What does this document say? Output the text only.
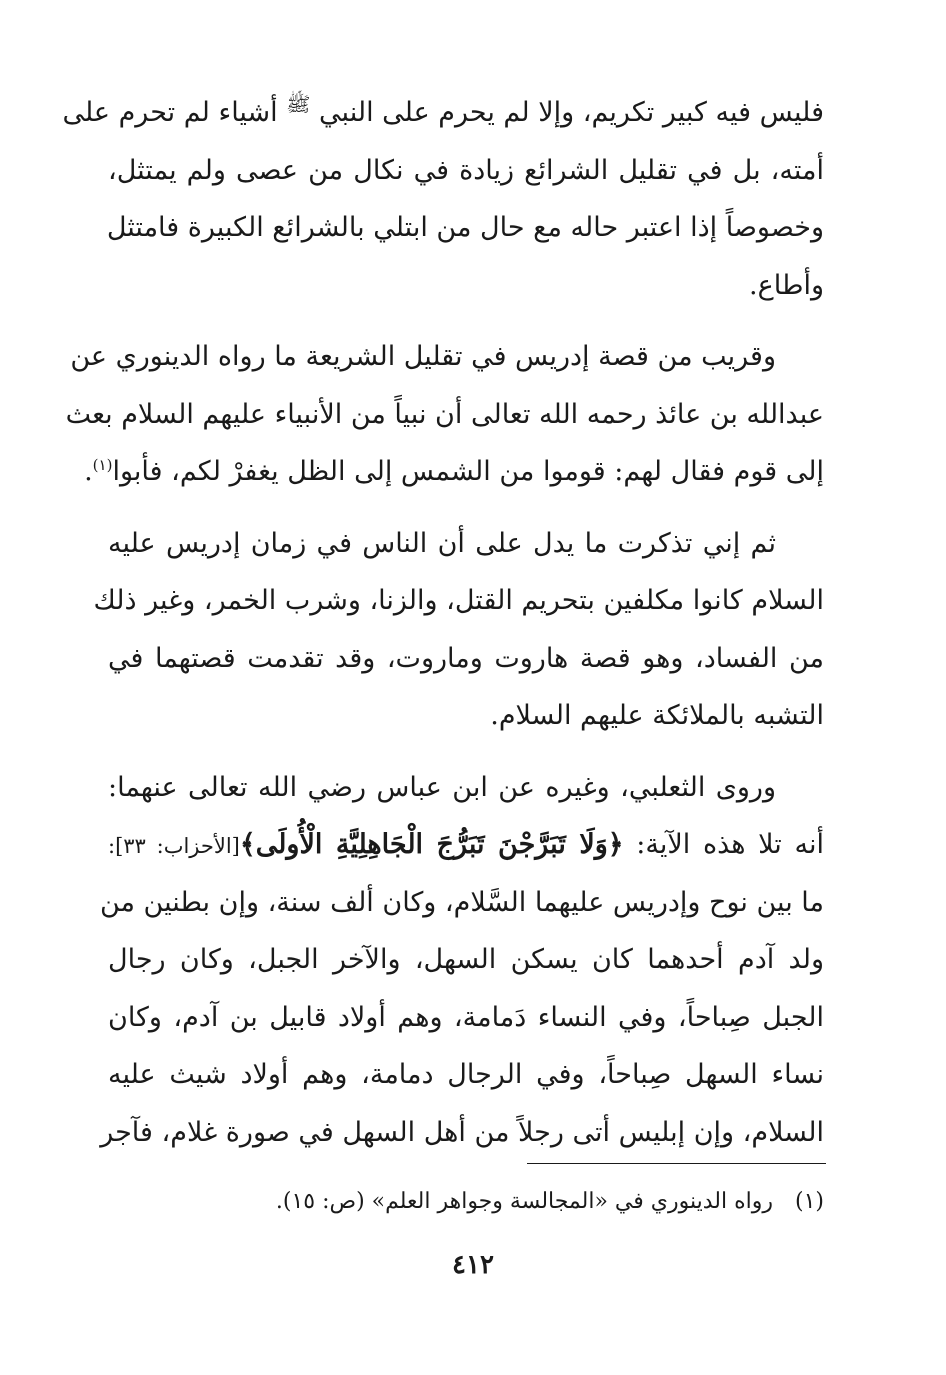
فليس فيه كبير تكريم، وإلا لم يحرم على النبي $^ﷺ$ أشياء لم تحرم على
أمته، بل في تقليل الشرائع زيادة في نكال من عصى ولم يمتثل،
وخصوصاً إذا اعتبر حاله مع حال من ابتلي بالشرائع الكبيرة فامتثل
وأطاع.

وقريب من قصة إدريس في تقليل الشريعة ما رواه الدينوري عن
عبدالله بن عائذ رحمه الله تعالى أن نبياً من الأنبياء عليهم السلام بعث
إلى قوم فقال لهم: قوموا من الشمس إلى الظل يغفرْ لكم، فأبوا$^{(١)}$.

ثم إني تذكرت ما يدل على أن الناس في زمان إدريس عليه
السلام كانوا مكلفين بتحريم القتل، والزنا، وشرب الخمر، وغير ذلك
من الفساد، وهو قصة هاروت وماروت، وقد تقدمت قصتهما في
التشبه بالملائكة عليهم السلام.

وروى الثعلبي، وغيره عن ابن عباس رضي الله تعالى عنهما:
أنه تلا هذه الآية: ﴿وَلَا تَبَرَّجْنَ تَبَرُّجَ الْجَاهِلِيَّةِ الْأُولَى﴾[الأحزاب: ٣٣]:
ما بين نوح وإدريس عليهما السَّلام، وكان ألف سنة، وإن بطنين من
ولد آدم أحدهما كان يسكن السهل، والآخر الجبل، وكان رجال
الجبل صِباحاً، وفي النساء دَمامة، وهم أولاد قابيل بن آدم، وكان
نساء السهل صِباحاً، وفي الرجال دمامة، وهم أولاد شيث عليه
السلام، وإن إبليس أتى رجلاً من أهل السهل في صورة غلام، فآجر

(١)رواه الدينوري في «المجالسة وجواهر العلم» (ص: ١٥).
٤١٢
